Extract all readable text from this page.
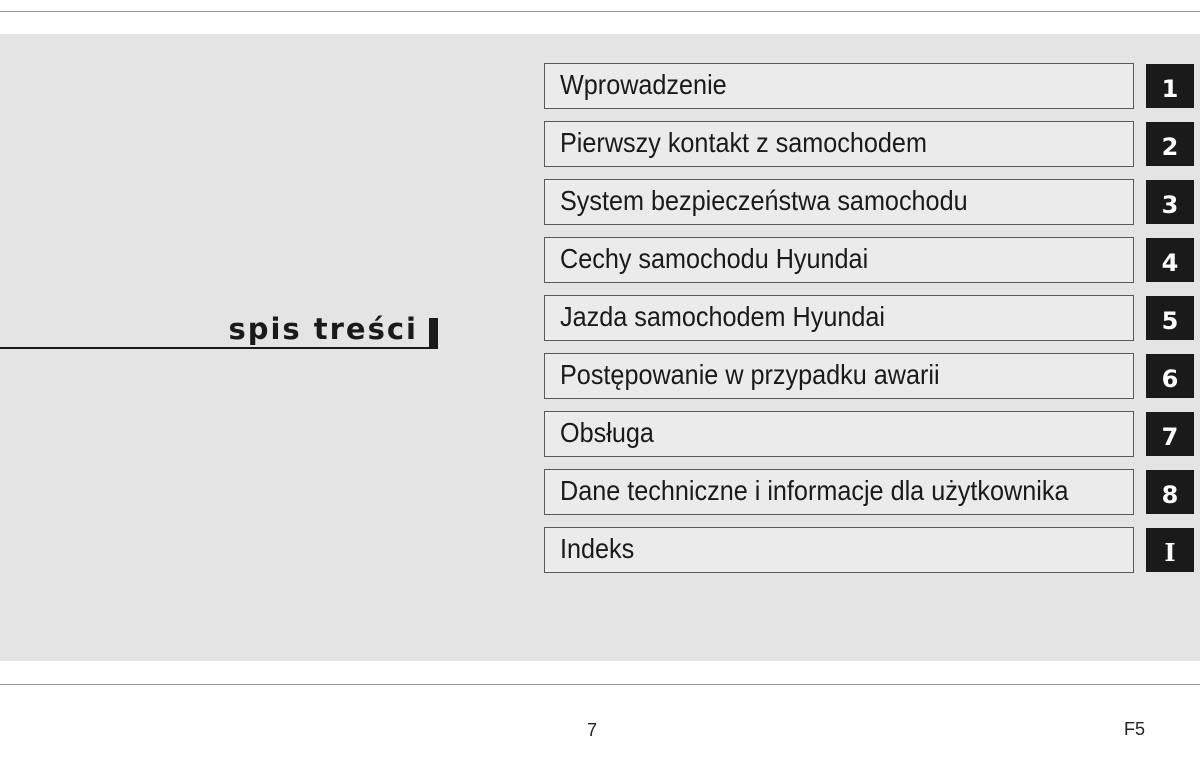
spis treści
Wprowadzenie	1
Pierwszy kontakt z samochodem	2
System bezpieczeństwa samochodu	3
Cechy samochodu Hyundai	4
Jazda samochodem Hyundai	5
Postępowanie w przypadku awarii	6
Obsługa	7
Dane techniczne i informacje dla użytkownika	8
Indeks	I
7	F5
